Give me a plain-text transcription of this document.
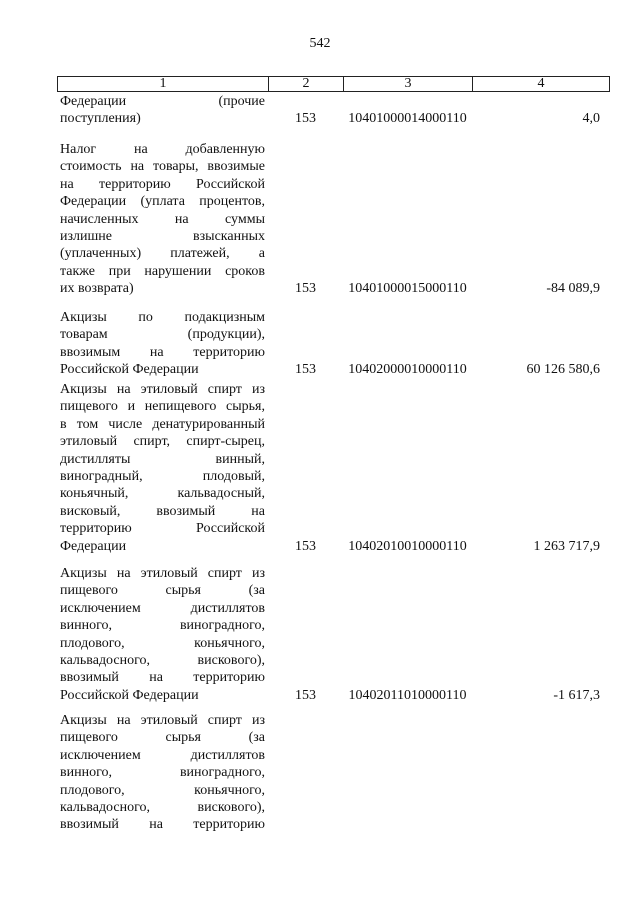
542
1	2	3	4
Федерации	(прочие
поступления)	153	10401000014000110	4,0
Налог	на	добавленную
стоимость на товары, ввозимые
на территорию Российской
Федерации (уплата процентов,
начисленных	на	суммы
излишне	взысканных
(уплаченных) платежей, а
также при нарушении сроков
их возврата)	153	10401000015000110	-84 089,9
Акцизы по подакцизным
товарам	(продукции),
ввозимым на территорию
Российской Федерации	153	10402000010000110	60 126 580,6
Акцизы на этиловый спирт из
пищевого и непищевого сырья,
в том числе денатурированный
этиловый спирт, спирт-сырец,
дистилляты	винный,
виноградный,	плодовый,
коньячный,	кальвадосный,
висковый,	ввозимый	на
территорию	Российской
Федерации	153	10402010010000110	1 263 717,9
Акцизы на этиловый спирт из
пищевого	сырья	(за
исключением	дистиллятов
винного,	виноградного,
плодового,	коньячного,
кальвадосного,	вискового),
ввозимый на территорию
Российской Федерации	153	10402011010000110	-1 617,3
Акцизы на этиловый спирт из
пищевого	сырья	(за
исключением	дистиллятов
винного,	виноградного,
плодового,	коньячного,
кальвадосного,	вискового),
ввозимый на территорию
